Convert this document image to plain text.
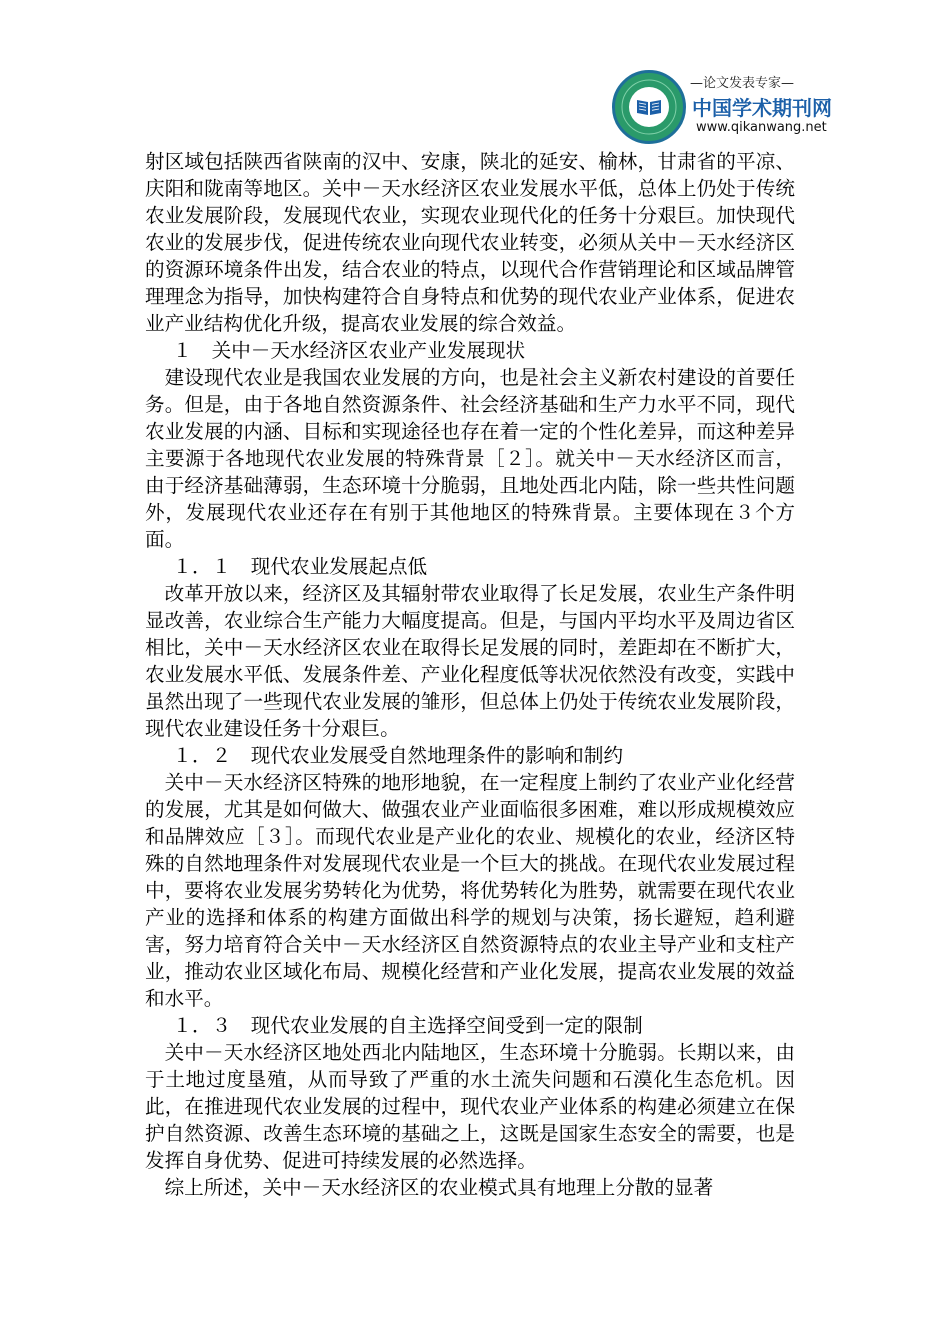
—论文发表专家—
中国学术期刊网
www.qikanwang.net

射区域包括陕西省陕南的汉中、安康，陕北的延安、榆林，甘肃省的平凉、庆阳和陇南等地区。关中－天水经济区农业发展水平低，总体上仍处于传统农业发展阶段，发展现代农业，实现农业现代化的任务十分艰巨。加快现代农业的发展步伐，促进传统农业向现代农业转变，必须从关中－天水经济区的资源环境条件出发，结合农业的特点，以现代合作营销理论和区域品牌管理理念为指导，加快构建符合自身特点和优势的现代农业产业体系，促进农业产业结构优化升级，提高农业发展的综合效益。

１　关中－天水经济区农业产业发展现状

建设现代农业是我国农业发展的方向，也是社会主义新农村建设的首要任务。但是，由于各地自然资源条件、社会经济基础和生产力水平不同，现代农业发展的内涵、目标和实现途径也存在着一定的个性化差异，而这种差异主要源于各地现代农业发展的特殊背景［２］。就关中－天水经济区而言，由于经济基础薄弱，生态环境十分脆弱，且地处西北内陆，除一些共性问题外，发展现代农业还存在有别于其他地区的特殊背景。主要体现在３个方面。

１．１　现代农业发展起点低

改革开放以来，经济区及其辐射带农业取得了长足发展，农业生产条件明显改善，农业综合生产能力大幅度提高。但是，与国内平均水平及周边省区相比，关中－天水经济区农业在取得长足发展的同时，差距却在不断扩大，农业发展水平低、发展条件差、产业化程度低等状况依然没有改变，实践中虽然出现了一些现代农业发展的雏形，但总体上仍处于传统农业发展阶段，现代农业建设任务十分艰巨。

１．２　现代农业发展受自然地理条件的影响和制约

关中－天水经济区特殊的地形地貌，在一定程度上制约了农业产业化经营的发展，尤其是如何做大、做强农业产业面临很多困难，难以形成规模效应和品牌效应［３］。而现代农业是产业化的农业、规模化的农业，经济区特殊的自然地理条件对发展现代农业是一个巨大的挑战。在现代农业发展过程中，要将农业发展劣势转化为优势，将优势转化为胜势，就需要在现代农业产业的选择和体系的构建方面做出科学的规划与决策，扬长避短，趋利避害，努力培育符合关中－天水经济区自然资源特点的农业主导产业和支柱产业，推动农业区域化布局、规模化经营和产业化发展，提高农业发展的效益和水平。

１．３　现代农业发展的自主选择空间受到一定的限制

关中－天水经济区地处西北内陆地区，生态环境十分脆弱。长期以来，由于土地过度垦殖，从而导致了严重的水土流失问题和石漠化生态危机。因此，在推进现代农业发展的过程中，现代农业产业体系的构建必须建立在保护自然资源、改善生态环境的基础之上，这既是国家生态安全的需要，也是发挥自身优势、促进可持续发展的必然选择。

综上所述，关中－天水经济区的农业模式具有地理上分散的显著
